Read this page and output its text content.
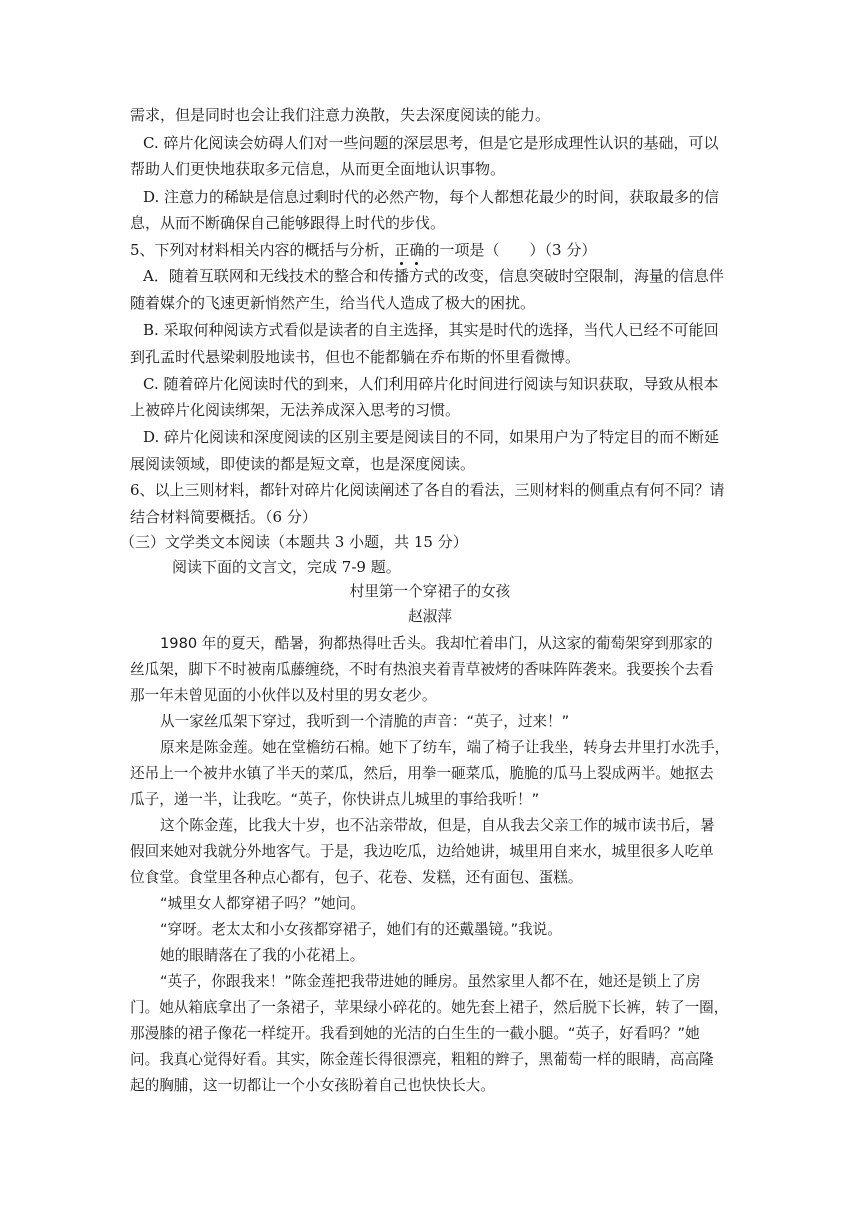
需求，但是同时也会让我们注意力涣散，失去深度阅读的能力。
C. 碎片化阅读会妨碍人们对一些问题的深层思考，但是它是形成理性认识的基础，可以
帮助人们更快地获取多元信息，从而更全面地认识事物。
D. 注意力的稀缺是信息过剩时代的必然产物，每个人都想花最少的时间，获取最多的信
息，从而不断确保自己能够跟得上时代的步伐。
5、下列对材料相关内容的概括与分析，正确的一项是（　　）（3 分）
A．随着互联网和无线技术的整合和传播方式的改变，信息突破时空限制，海量的信息伴
随着媒介的飞速更新悄然产生，给当代人造成了极大的困扰。
B. 采取何种阅读方式看似是读者的自主选择，其实是时代的选择，当代人已经不可能回
到孔孟时代悬梁刺股地读书，但也不能都躺在乔布斯的怀里看微博。
C. 随着碎片化阅读时代的到来，人们利用碎片化时间进行阅读与知识获取，导致从根本
上被碎片化阅读绑架，无法养成深入思考的习惯。
D. 碎片化阅读和深度阅读的区别主要是阅读目的不同，如果用户为了特定目的而不断延
展阅读领域，即使读的都是短文章，也是深度阅读。
6、以上三则材料，都针对碎片化阅读阐述了各自的看法，三则材料的侧重点有何不同？请
结合材料简要概括。（6 分）
（三）文学类文本阅读（本题共 3 小题，共 15 分）
阅读下面的文言文，完成 7-9 题。
村里第一个穿裙子的女孩
赵淑萍
1980 年的夏天，酷暑，狗都热得吐舌头。我却忙着串门，从这家的葡萄架穿到那家的
丝瓜架，脚下不时被南瓜藤缠绕，不时有热浪夹着青草被烤的香味阵阵袭来。我要挨个去看
那一年未曾见面的小伙伴以及村里的男女老少。
从一家丝瓜架下穿过，我听到一个清脆的声音：“英子，过来！”
原来是陈金莲。她在堂檐纺石棉。她下了纺车，端了椅子让我坐，转身去井里打水洗手，
还吊上一个被井水镇了半天的菜瓜，然后，用拳一砸菜瓜，脆脆的瓜马上裂成两半。她抠去
瓜子，递一半，让我吃。“英子，你快讲点儿城里的事给我听！”
这个陈金莲，比我大十岁，也不沾亲带故，但是，自从我去父亲工作的城市读书后，暑
假回来她对我就分外地客气。于是，我边吃瓜，边给她讲，城里用自来水，城里很多人吃单
位食堂。食堂里各种点心都有，包子、花卷、发糕，还有面包、蛋糕。
“城里女人都穿裙子吗？”她问。
“穿呀。老太太和小女孩都穿裙子，她们有的还戴墨镜。”我说。
她的眼睛落在了我的小花裙上。
“英子，你跟我来！”陈金莲把我带进她的睡房。虽然家里人都不在，她还是锁上了房
门。她从箱底拿出了一条裙子，苹果绿小碎花的。她先套上裙子，然后脱下长裤，转了一圈，
那漫膝的裙子像花一样绽开。我看到她的光洁的白生生的一截小腿。“英子，好看吗？”她
问。我真心觉得好看。其实，陈金莲长得很漂亮，粗粗的辫子，黑葡萄一样的眼睛，高高隆
起的胸脯，这一切都让一个小女孩盼着自己也快快长大。
